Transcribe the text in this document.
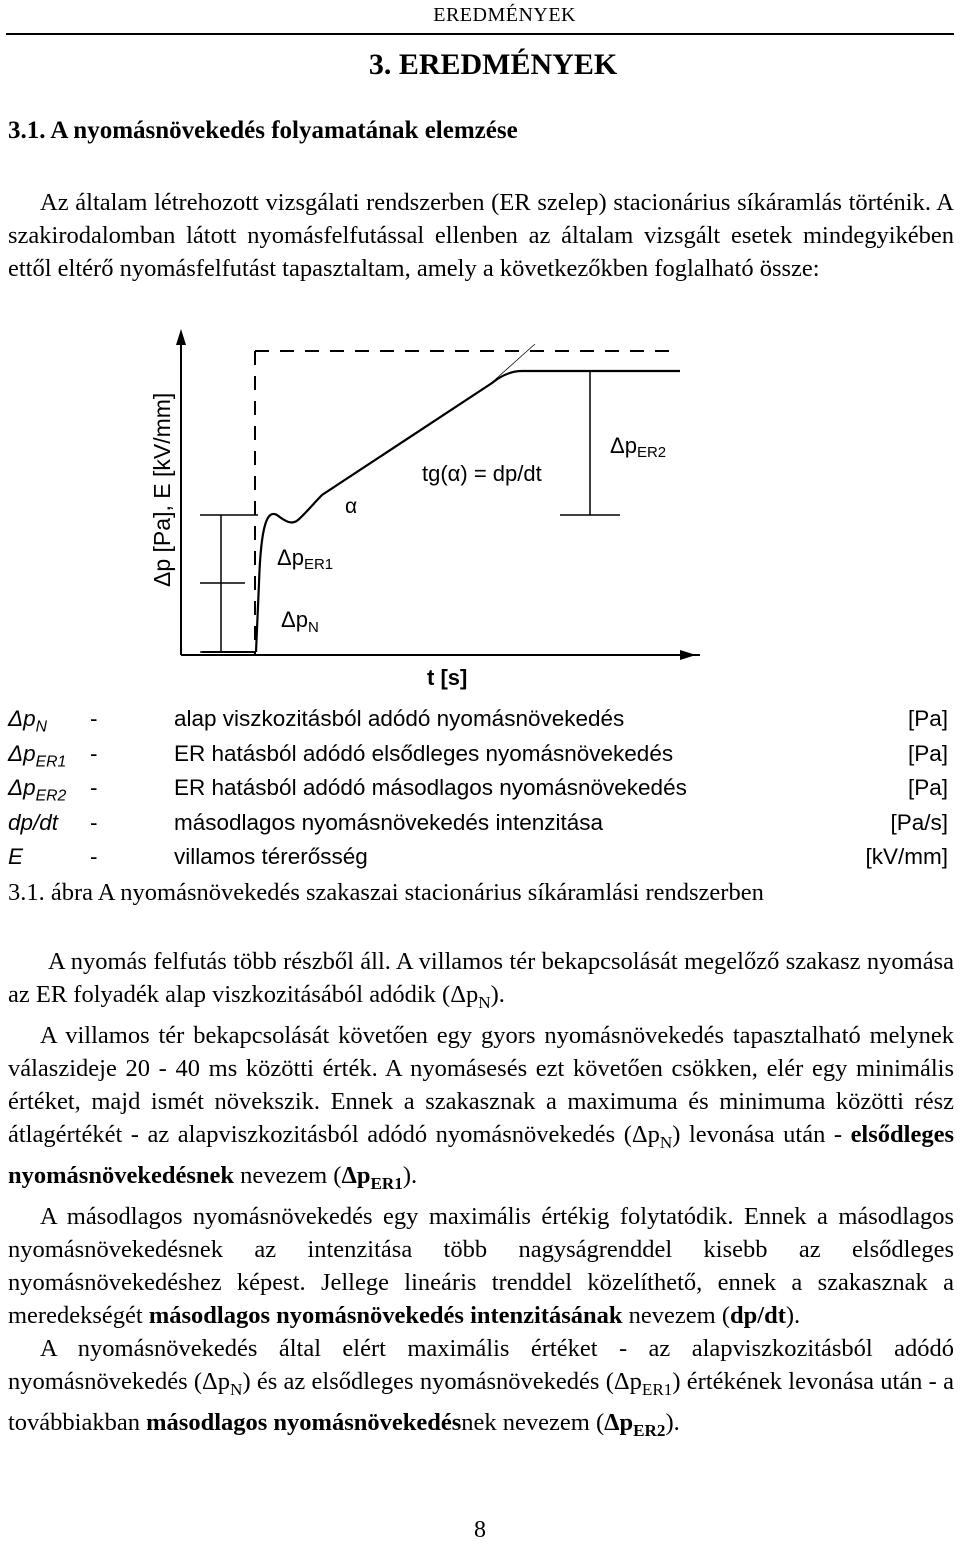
EREDMÉNYEK
3. EREDMÉNYEK
3.1. A nyomásnövekedés folyamatának elemzése

Az általam létrehozott vizsgálati rendszerben (ER szelep) stacionárius síkáramlás történik. A szakirodalomban látott nyomásfelfutással ellenben az általam vizsgált esetek mindegyikében ettől eltérő nyomásfelfutást tapasztaltam, amely a következőkben foglalható össze:

Δp [Pa], E [kV/mm]
t [s]
tg(α) = dp/dt
α
ΔpER2
ΔpER1
$\Delta p_N$
$\Delta p_N$ -	alap viszkozitásból adódó nyomásnövekedés	[Pa]
$\Delta p_{ER1}$ -	ER hatásból adódó elsődleges nyomásnövekedés	[Pa]
$\Delta p_{ER2}$ -	ER hatásból adódó másodlagos nyomásnövekedés	[Pa]
dp/dt -	másodlagos nyomásnövekedés intenzitása	[Pa/s]
E	-	villamos térerősség	[kV/mm]
3.1. ábra A nyomásnövekedés szakaszai stacionárius síkáramlási rendszerben

A nyomás felfutás több részből áll. A villamos tér bekapcsolását megelőző szakasz nyomása az ER folyadék alap viszkozitásából adódik $(\Delta p_N)$.

A villamos tér bekapcsolását követően egy gyors nyomásnövekedés tapasztalható melynek válaszideje 20 - 40 ms közötti érték. A nyomásesés ezt követően csökken, elér egy minimális értéket, majd ismét növekszik. Ennek a szakasznak a maximuma és minimuma közötti rész átlagértékét - az alapviszkozitásból adódó nyomásnövekedés $(\Delta p_N)$ levonása után - elsődleges nyomásnövekedésnek nevezem $(\Delta p_{ER1})$.

A másodlagos nyomásnövekedés egy maximális értékig folytatódik. Ennek a másodlagos nyomásnövekedésnek az intenzitása több nagyságrenddel kisebb az elsődleges nyomásnövekedéshez képest. Jellege lineáris trenddel közelíthető, ennek a szakasznak a meredekségét másodlagos nyomásnövekedés intenzitásának nevezem (dp/dt).

A nyomásnövekedés által elért maximális értéket - az alapviszkozitásból adódó nyomásnövekedés $(\Delta p_N)$ és az elsődleges nyomásnövekedés $(\Delta p_{ER1})$ értékének levonása után - a továbbiakban másodlagos nyomásnövekedésnek nevezem $(\Delta p_{ER2})$.

8
